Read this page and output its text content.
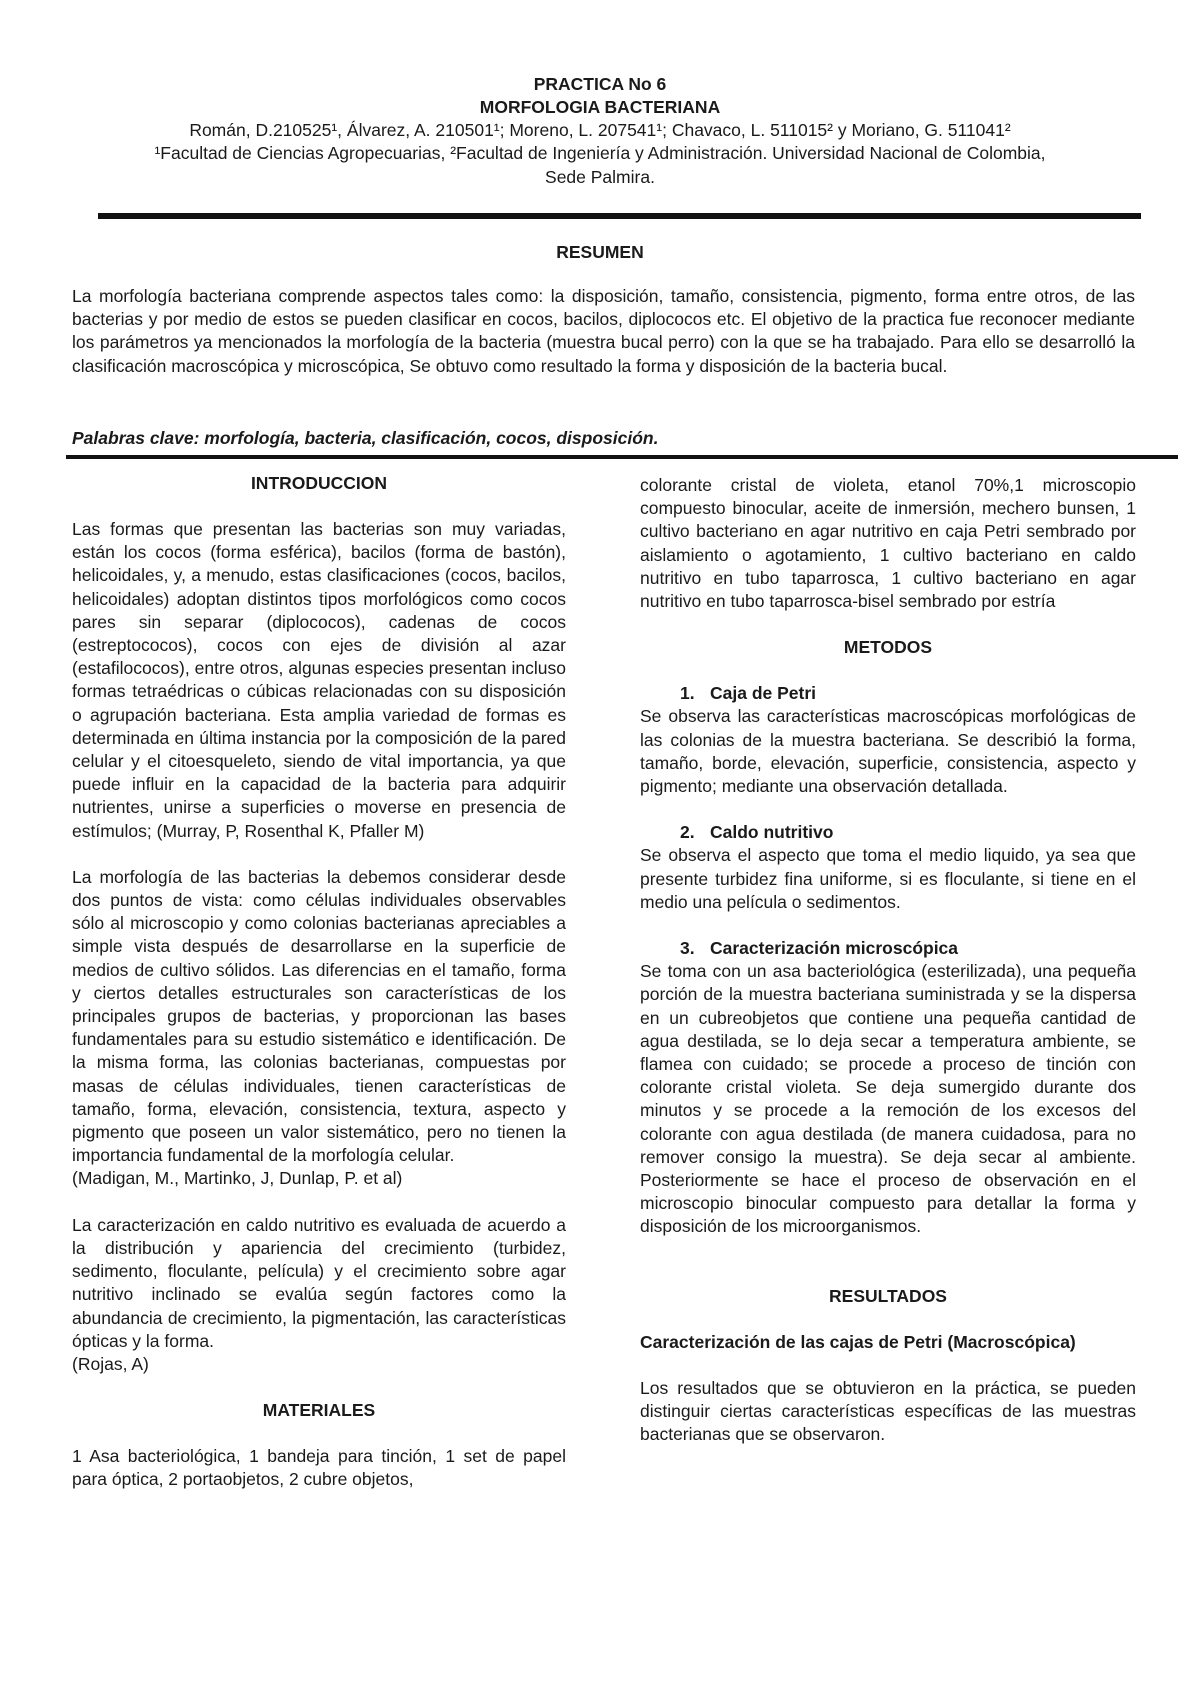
PRACTICA No 6
MORFOLOGIA BACTERIANA
Román, D.210525¹, Álvarez, A. 210501¹; Moreno, L. 207541¹; Chavaco, L. 511015² y Moriano, G. 511041²
¹Facultad de Ciencias Agropecuarias, ²Facultad de Ingeniería y Administración. Universidad Nacional de Colombia,
Sede Palmira.
RESUMEN
La morfología bacteriana comprende aspectos tales como: la disposición, tamaño, consistencia, pigmento, forma entre otros, de las bacterias y por medio de estos se pueden clasificar en cocos, bacilos, diplococos etc. El objetivo de la practica fue reconocer mediante los parámetros ya mencionados la morfología de la bacteria (muestra bucal perro) con la que se ha trabajado. Para ello se desarrolló la clasificación macroscópica y microscópica, Se obtuvo como resultado la forma y disposición de la bacteria bucal.
Palabras clave: morfología, bacteria, clasificación, cocos, disposición.
INTRODUCCION

Las formas que presentan las bacterias son muy variadas, están los cocos (forma esférica), bacilos (forma de bastón), helicoidales, y, a menudo, estas clasificaciones (cocos, bacilos, helicoidales) adoptan distintos tipos morfológicos como cocos pares sin separar (diplococos), cadenas de cocos (estreptococos), cocos con ejes de división al azar (estafilococos), entre otros, algunas especies presentan incluso formas tetraédricas o cúbicas relacionadas con su disposición o agrupación bacteriana. Esta amplia variedad de formas es determinada en última instancia por la composición de la pared celular y el citoesqueleto, siendo de vital importancia, ya que puede influir en la capacidad de la bacteria para adquirir nutrientes, unirse a superficies o moverse en presencia de estímulos; (Murray, P, Rosenthal K, Pfaller M)

La morfología de las bacterias la debemos considerar desde dos puntos de vista: como células individuales observables sólo al microscopio y como colonias bacterianas apreciables a simple vista después de desarrollarse en la superficie de medios de cultivo sólidos. Las diferencias en el tamaño, forma y ciertos detalles estructurales son características de los principales grupos de bacterias, y proporcionan las bases fundamentales para su estudio sistemático e identificación. De la misma forma, las colonias bacterianas, compuestas por masas de células individuales, tienen características de tamaño, forma, elevación, consistencia, textura, aspecto y pigmento que poseen un valor sistemático, pero no tienen la importancia fundamental de la morfología celular.

(Madigan, M., Martinko, J, Dunlap, P. et al)

La caracterización en caldo nutritivo es evaluada de acuerdo a la distribución y apariencia del crecimiento (turbidez, sedimento, floculante, película) y el crecimiento sobre agar nutritivo inclinado se evalúa según factores como la abundancia de crecimiento, la pigmentación, las características ópticas y la forma.

(Rojas, A)

MATERIALES

1 Asa bacteriológica, 1 bandeja para tinción, 1 set de papel para óptica, 2 portaobjetos, 2 cubre objetos,

colorante cristal de violeta, etanol 70%,1 microscopio compuesto binocular, aceite de inmersión, mechero bunsen, 1 cultivo bacteriano en agar nutritivo en caja Petri sembrado por aislamiento o agotamiento, 1 cultivo bacteriano en caldo nutritivo en tubo taparrosca, 1 cultivo bacteriano en agar nutritivo en tubo taparrosca-bisel sembrado por estría

METODOS
1. Caja de Petri

Se observa las características macroscópicas morfológicas de las colonias de la muestra bacteriana. Se describió la forma, tamaño, borde, elevación, superficie, consistencia, aspecto y pigmento; mediante una observación detallada.

2. Caldo nutritivo

Se observa el aspecto que toma el medio liquido, ya sea que presente turbidez fina uniforme, si es floculante, si tiene en el medio una película o sedimentos.

3. Caracterización microscópica

Se toma con un asa bacteriológica (esterilizada), una pequeña porción de la muestra bacteriana suministrada y se la dispersa en un cubreobjetos que contiene una pequeña cantidad de agua destilada, se lo deja secar a temperatura ambiente, se flamea con cuidado; se procede a proceso de tinción con colorante cristal violeta. Se deja sumergido durante dos minutos y se procede a la remoción de los excesos del colorante con agua destilada (de manera cuidadosa, para no remover consigo la muestra). Se deja secar al ambiente. Posteriormente se hace el proceso de observación en el microscopio binocular compuesto para detallar la forma y disposición de los microorganismos.

RESULTADOS

Caracterización de las cajas de Petri (Macroscópica)

Los resultados que se obtuvieron en la práctica, se pueden distinguir ciertas características específicas de las muestras bacterianas que se observaron.
